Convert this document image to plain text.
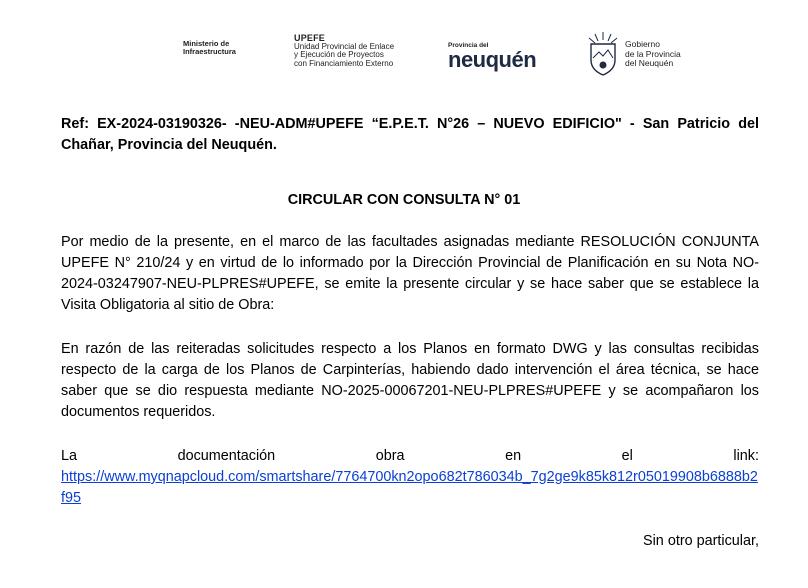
Ministerio de
Infraestructura
UPEFE
Unidad Provincial de Enlace
y Ejecución de Proyectos
con Financiamiento Externo
Provincia del
neuquén
Gobierno
de la Provincia
del Neuquén
Ref: EX-2024-03190326- -NEU-ADM#UPEFE “E.P.E.T. N°26 – NUEVO EDIFICIO" - San Patricio del Chañar, Provincia del Neuquén.
CIRCULAR CON CONSULTA N° 01

Por medio de la presente, en el marco de las facultades asignadas mediante RESOLUCIÓN CONJUNTA UPEFE N° 210/24 y en virtud de lo informado por la Dirección Provincial de Planificación en su Nota NO-2024-03247907-NEU-PLPRES#UPEFE, se emite la presente circular y se hace saber que se establece la Visita Obligatoria al sitio de Obra:

En razón de las reiteradas solicitudes respecto a los Planos en formato DWG y las consultas recibidas respecto de la carga de los Planos de Carpinterías, habiendo dado intervención el área técnica, se hace saber que se dio respuesta mediante NO-2025-00067201-NEU-PLPRES#UPEFE y se acompañaron los documentos requeridos.

La	documentación	obra	en	el	link:
https://www.myqnapcloud.com/smartshare/7764700kn2opo682t786034b_7g2ge9k85k812r05019908b6888b2f95
Sin otro particular,
